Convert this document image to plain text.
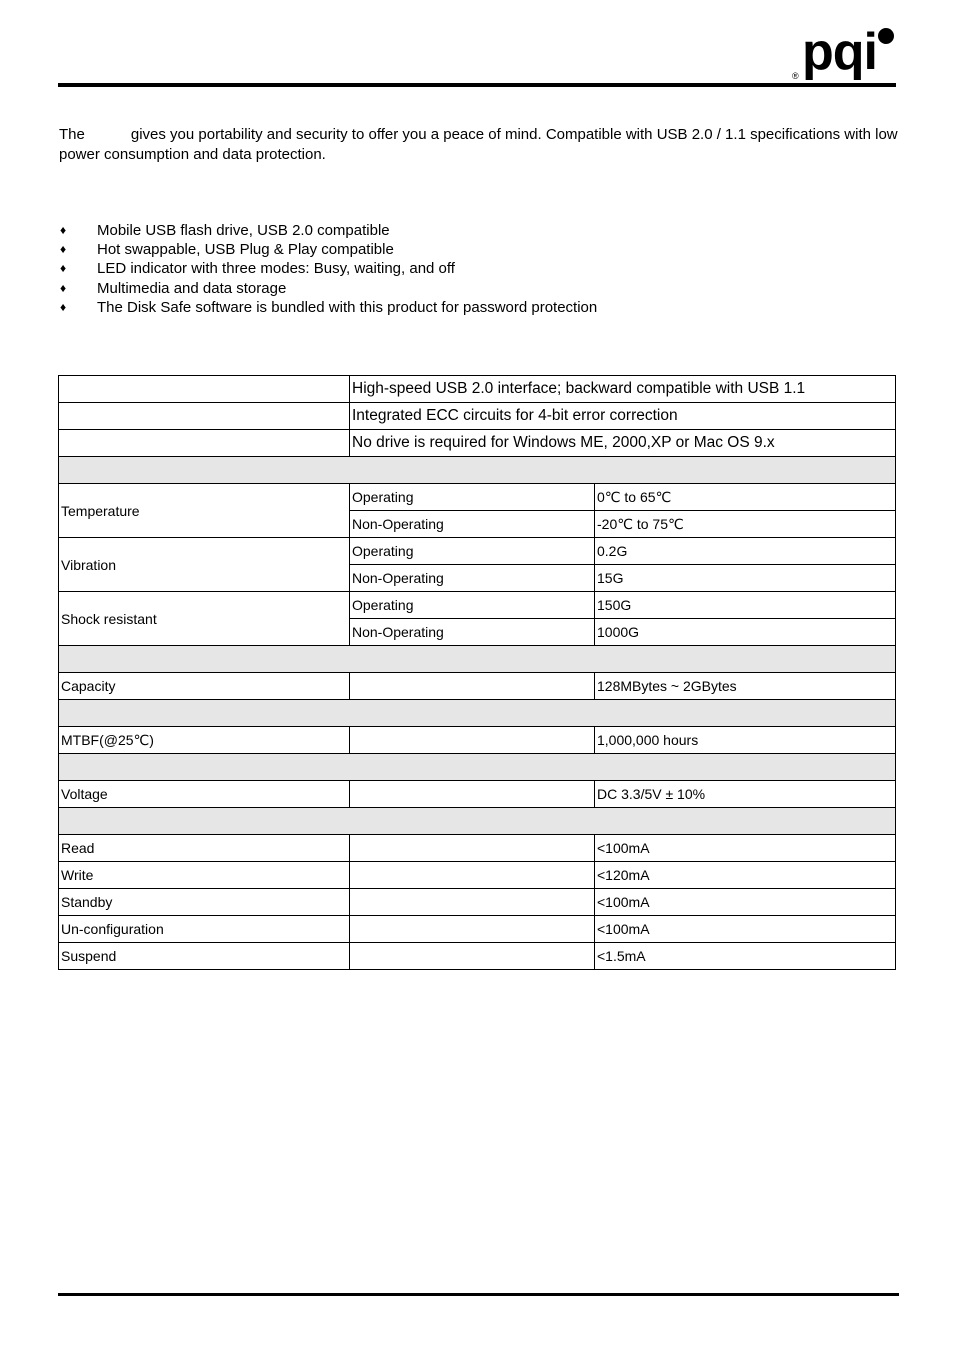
® pqi
The	gives you portability and security to offer you a peace of mind. Compatible with USB 2.0 / 1.1 specifications with low power consumption and data protection.
♦ Mobile USB flash drive, USB 2.0 compatible
♦ Hot swappable, USB Plug & Play compatible
♦ LED indicator with three modes: Busy, waiting, and off
♦ Multimedia and data storage
♦ The Disk Safe software is bundled with this product for password protection
	High-speed USB 2.0 interface; backward compatible with USB 1.1	
	Integrated ECC circuits for 4-bit error correction	
	No drive is required for Windows ME, 2000,XP or Mac OS 9.x	

Temperature	Operating	0℃ to 65℃
	Non-Operating	-20℃ to 75℃
Vibration	Operating	0.2G
	Non-Operating	15G
Shock resistant	Operating	150G
	Non-Operating	1000G

Capacity		128MBytes ~ 2GBytes

MTBF(@25℃)		1,000,000 hours

Voltage		DC 3.3/5V ± 10%

Read		<100mA
Write		<120mA
Standby		<100mA
Un-configuration		<100mA
Suspend		<1.5mA
